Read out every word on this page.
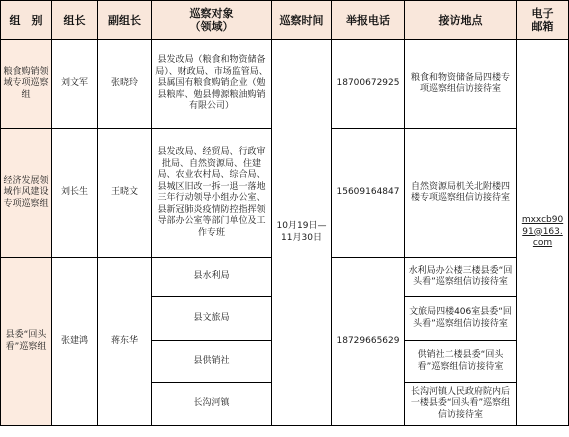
组　别	组长	副组长	巡察对象
（领域）	巡察时间	举报电话	接访地点	电子
邮箱
粮食购销领域专项巡察组	刘文军	张晓玲	县发改局（粮食和物资储备局）、财政局、市场监管局、县属国有粮食购销企业（勉县粮库、勉县傅源粮油购销有限公司）	10月19日—
11月30日	18700672925	粮食和物资储备局四楼专项巡察组信访接待室	mxxcb90
91@163.
com
经济发展领域作风建设专项巡察组	刘长生	王晓文	县发改局、经贸局、行政审批局、自然资源局、住建局、农业农村局、综合局、县城区旧改一拆一退一落地三年行动领导小组办公室、县新冠肺炎疫情防控指挥领导部办公室等部门单位及工作专班		15609164847	自然资源局机关北附楼四楼专项巡察组信访接待室	
县委“回头看”巡察组	张建鸿	蒋东华	县水利局		18729665629	水利局办公楼三楼县委“回头看”巡察组信访接待室	
			县文旅局			文旅局四楼406室县委“回头看”巡察组信访接待室	
			县供销社			供销社二楼县委“回头看”巡察组信访接待室	
			长沟河镇			长沟河镇人民政府院内后一楼县委“回头看”巡察组信访接待室	
